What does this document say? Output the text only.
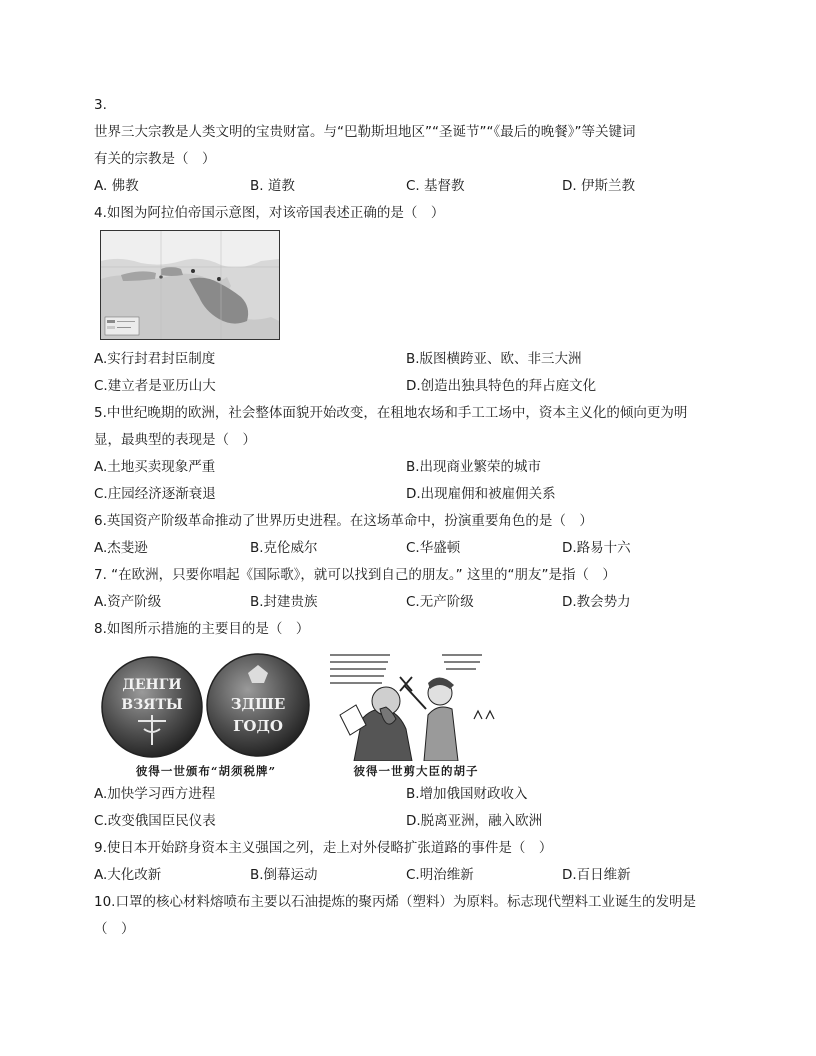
3.
世界三大宗教是人类文明的宝贵财富。与“巴勒斯坦地区”“圣诞节”“《最后的晚餐》”等关键词
有关的宗教是（　）
A. 佛教	B. 道教	C. 基督教	D. 伊斯兰教
4.如图为阿拉伯帝国示意图，对该帝国表述正确的是（　）
A.实行封君封臣制度	B.版图横跨亚、欧、非三大洲
C.建立者是亚历山大	D.创造出独具特色的拜占庭文化
5.中世纪晚期的欧洲，社会整体面貌开始改变，在租地农场和手工工场中，资本主义化的倾向更为明
显，最典型的表现是（　）
A.土地买卖现象严重	B.出现商业繁荣的城市
C.庄园经济逐渐衰退	D.出现雇佣和被雇佣关系
6.英国资产阶级革命推动了世界历史进程。在这场革命中，扮演重要角色的是（　）
A.杰斐逊	B.克伦威尔	C.华盛顿	D.路易十六
7. “在欧洲，只要你唱起《国际歌》，就可以找到自己的朋友。” 这里的“朋友”是指（　）
A.资产阶级	B.封建贵族	C.无产阶级	D.教会势力
8.如图所示措施的主要目的是（　）
ДЕНГИ
ВЗЯТЫ	ЗДШЕ
ГОДО
彼得一世颁布“胡须税牌”	彼得一世剪大臣的胡子
A.加快学习西方进程	B.增加俄国财政收入
C.改变俄国臣民仪表	D.脱离亚洲，融入欧洲
9.使日本开始跻身资本主义强国之列，走上对外侵略扩张道路的事件是（　）
A.大化改新	B.倒幕运动	C.明治维新	D.百日维新
10.口罩的核心材料熔喷布主要以石油提炼的聚丙烯（塑料）为原料。标志现代塑料工业诞生的发明是
（　）
